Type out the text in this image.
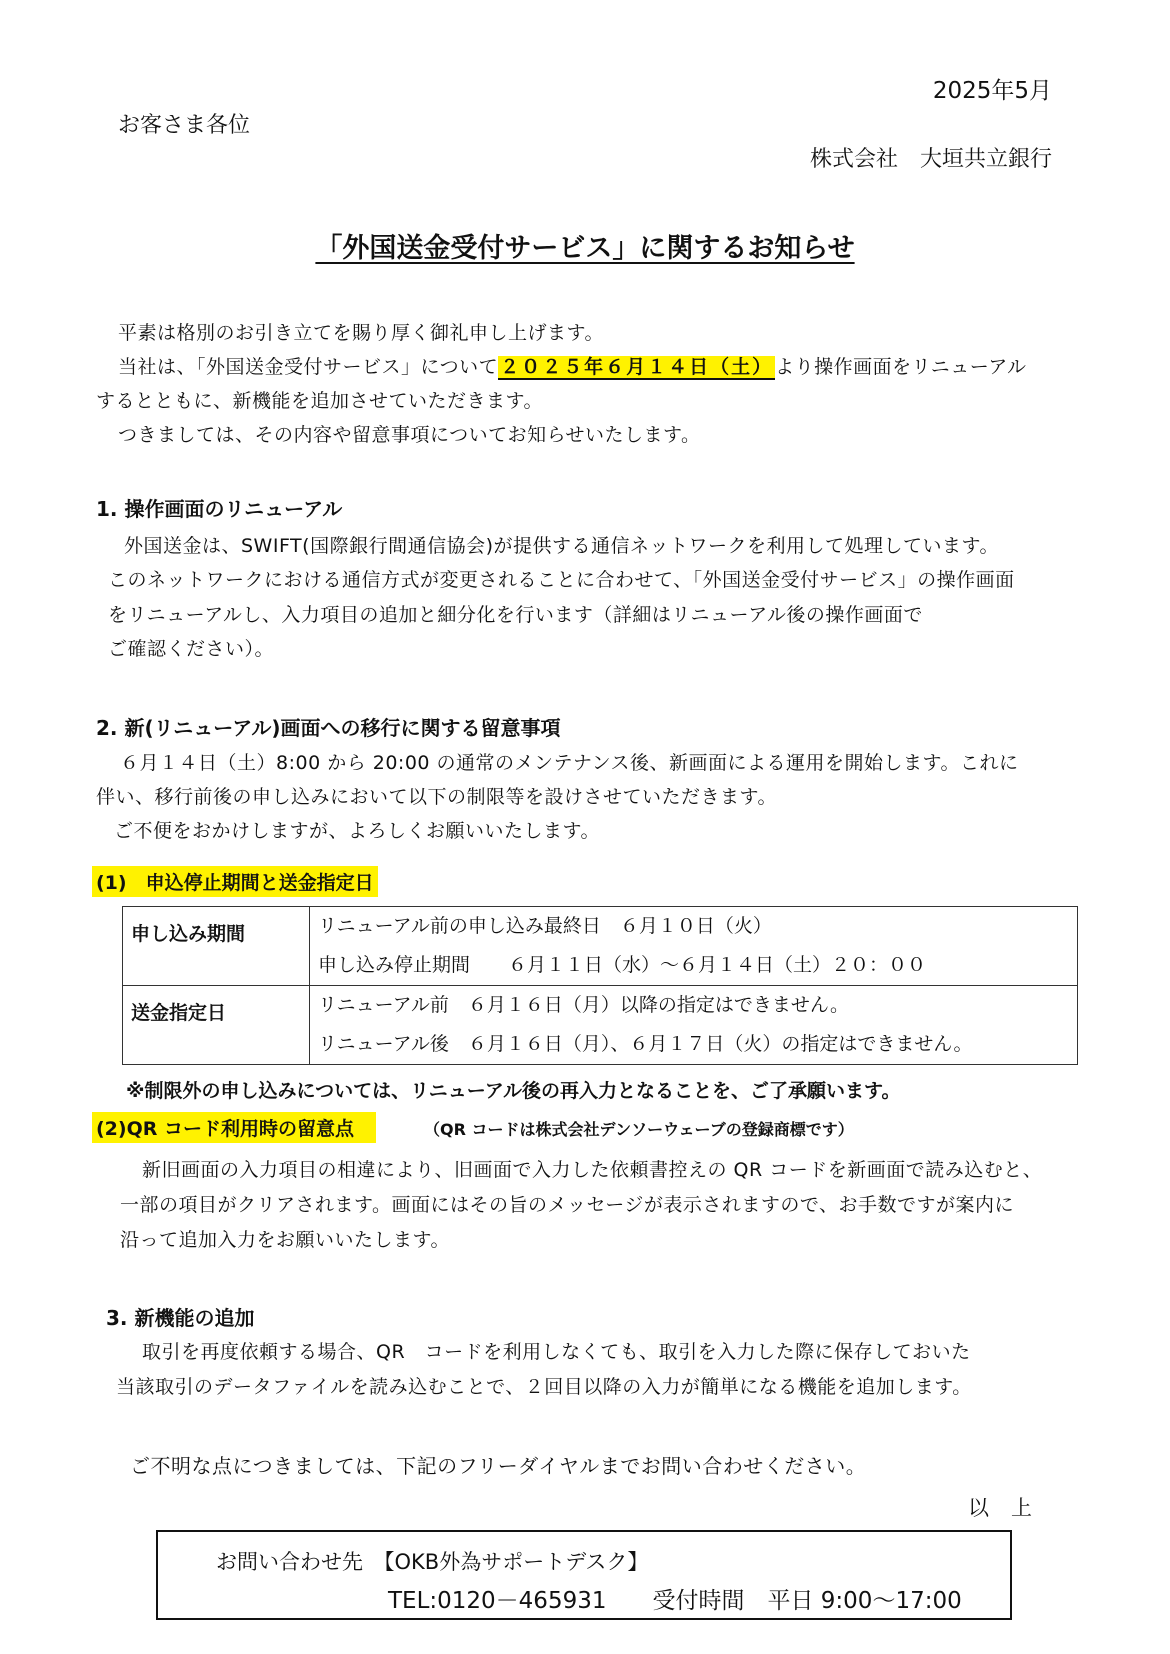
2025年5月
お客さま各位
株式会社　大垣共立銀行
「外国送金受付サービス」に関するお知らせ
平素は格別のお引き立てを賜り厚く御礼申し上げます。
当社は、「外国送金受付サービス」について ２０２５年６月１４日（土） より操作画面をリニューアル
するとともに、新機能を追加させていただきます。
つきましては、その内容や留意事項についてお知らせいたします。
1. 操作画面のリニューアル
外国送金は、SWIFT(国際銀行間通信協会)が提供する通信ネットワークを利用して処理しています。
このネットワークにおける通信方式が変更されることに合わせて、「外国送金受付サービス」の操作画面
をリニューアルし、入力項目の追加と細分化を行います（詳細はリニューアル後の操作画面で
ご確認ください）。
2. 新(リニューアル)画面への移行に関する留意事項
６月１４日（土）8:00 から 20:00 の通常のメンテナンス後、新画面による運用を開始します。これに
伴い、移行前後の申し込みにおいて以下の制限等を設けさせていただきます。
ご不便をおかけしますが、よろしくお願いいたします。
(1)　申込停止期間と送金指定日
申し込み期間	リニューアル前の申し込み最終日　６月１０日（火）
申し込み停止期間　　６月１１日（水）～６月１４日（土）２０：００

送金指定日	リニューアル前　６月１６日（月）以降の指定はできません。
リニューアル後　６月１６日（月）、６月１７日（火）の指定はできません。
※制限外の申し込みについては、リニューアル後の再入力となることを、ご了承願います。
(2)QR コード利用時の留意点	（QR コードは株式会社デンソーウェーブの登録商標です）
新旧画面の入力項目の相違により、旧画面で入力した依頼書控えの QR コードを新画面で読み込むと、
一部の項目がクリアされます。画面にはその旨のメッセージが表示されますので、お手数ですが案内に
沿って追加入力をお願いいたします。
3. 新機能の追加
取引を再度依頼する場合、QR　コードを利用しなくても、取引を入力した際に保存しておいた
当該取引のデータファイルを読み込むことで、２回目以降の入力が簡単になる機能を追加します。
ご不明な点につきましては、下記のフリーダイヤルまでお問い合わせください。
以　上
お問い合わせ先　【OKB外為サポートデスク】
TEL:0120－465931　　受付時間　平日 9:00～17:00
